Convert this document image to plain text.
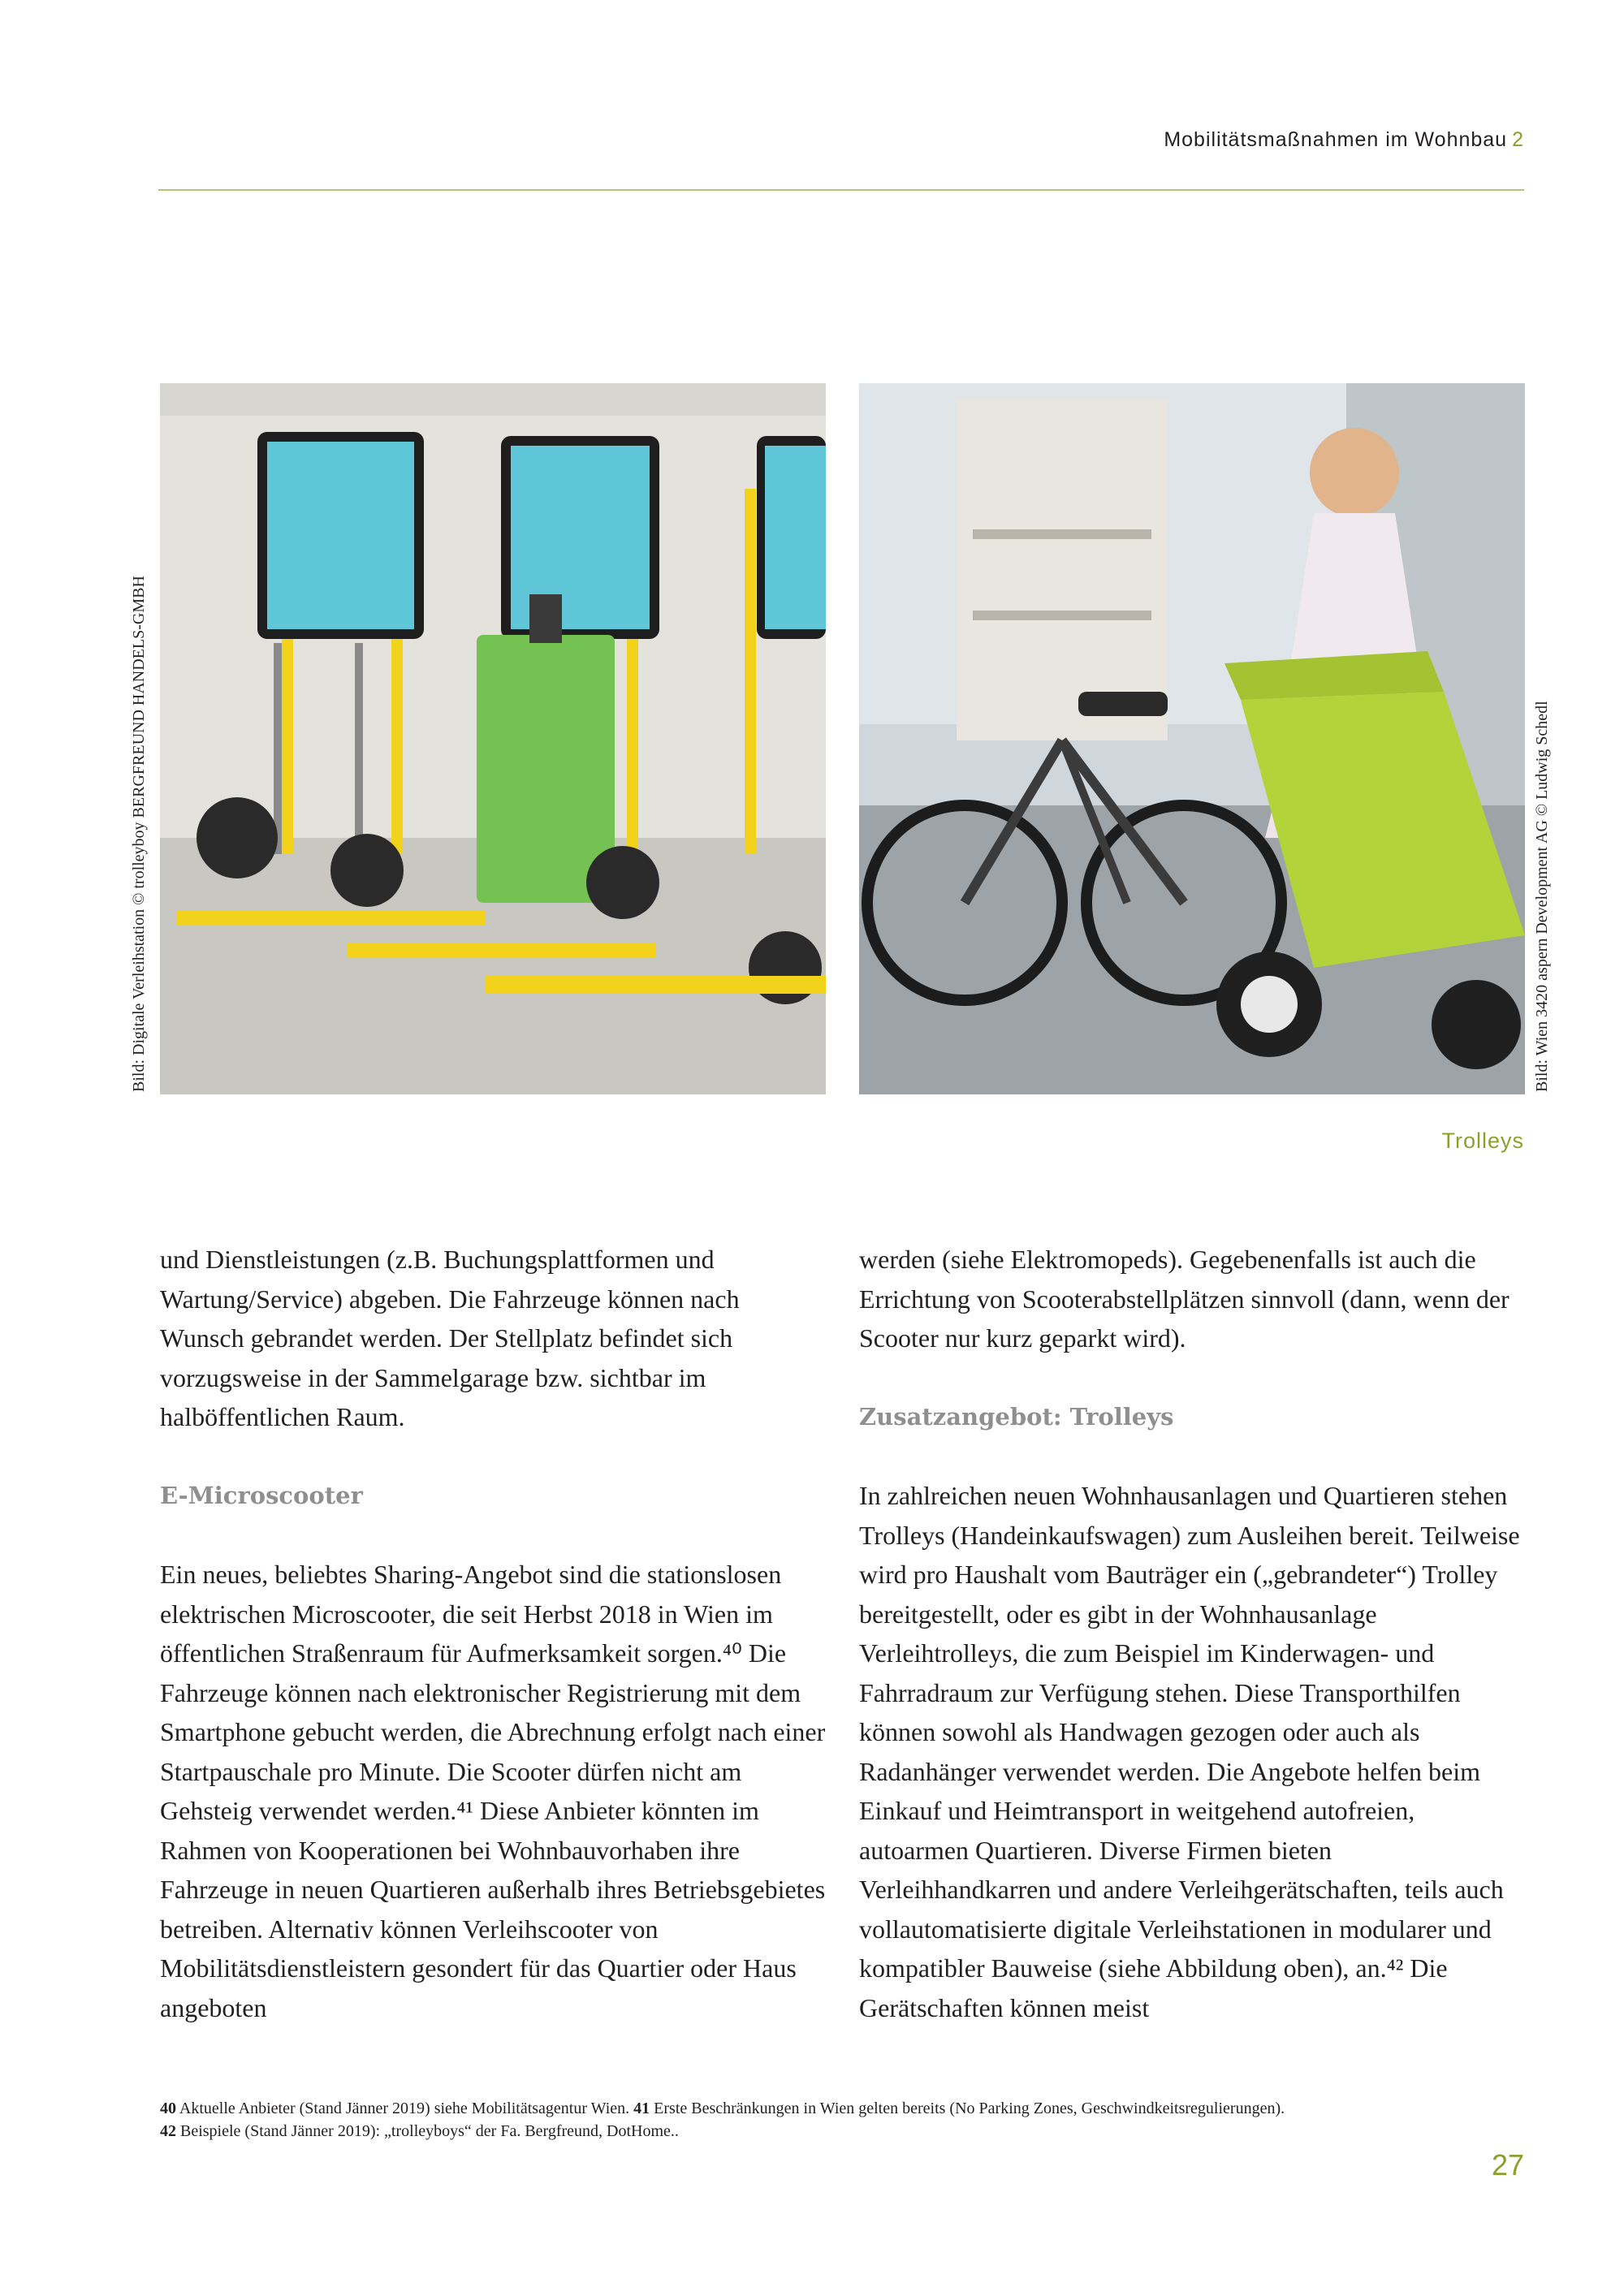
Mobilitätsmaßnahmen im Wohnbau 2
Bild: Digitale Verleihstation © trolleyboy BERGFREUND HANDELS-GMBH	Bild: Wien 3420 aspern Development AG © Ludwig Schedl
Trolleys

und Dienstleistungen (z.B. Buchungsplattformen und Wartung/Service) abgeben. Die Fahrzeuge können nach Wunsch gebrandet werden. Der Stellplatz befindet sich vorzugsweise in der Sammelgarage bzw. sichtbar im halböffentlichen Raum.

E-Microscooter

Ein neues, beliebtes Sharing-Angebot sind die stationslosen elektrischen Microscooter, die seit Herbst 2018 in Wien im öffentlichen Straßenraum für Aufmerksamkeit sorgen.⁴⁰ Die Fahrzeuge können nach elektronischer Registrierung mit dem Smartphone gebucht werden, die Abrechnung erfolgt nach einer Startpauschale pro Minute. Die Scooter dürfen nicht am Gehsteig verwendet werden.⁴¹ Diese Anbieter könnten im Rahmen von Kooperationen bei Wohnbauvorhaben ihre Fahrzeuge in neuen Quartieren außerhalb ihres Betriebsgebietes betreiben. Alternativ können Verleihscooter von Mobilitätsdienstleistern gesondert für das Quartier oder Haus angeboten

werden (siehe Elektromopeds). Gegebenenfalls ist auch die Errichtung von Scooterabstellplätzen sinnvoll (dann, wenn der Scooter nur kurz geparkt wird).

Zusatzangebot: Trolleys

In zahlreichen neuen Wohnhausanlagen und Quartieren stehen Trolleys (Handeinkaufswagen) zum Ausleihen bereit. Teilweise wird pro Haushalt vom Bauträger ein („gebrandeter“) Trolley bereitgestellt, oder es gibt in der Wohnhausanlage Verleihtrolleys, die zum Beispiel im Kinderwagen- und Fahrradraum zur Verfügung stehen. Diese Transporthilfen können sowohl als Handwagen gezogen oder auch als Radanhänger verwendet werden. Die Angebote helfen beim Einkauf und Heimtransport in weitgehend autofreien, autoarmen Quartieren. Diverse Firmen bieten Verleihhandkarren und andere Verleihgerätschaften, teils auch vollautomatisierte digitale Verleihstationen in modularer und kompatibler Bauweise (siehe Abbildung oben), an.⁴² Die Gerätschaften können meist

40 Aktuelle Anbieter (Stand Jänner 2019) siehe Mobilitätsagentur Wien. 41 Erste Beschränkungen in Wien gelten bereits (No Parking Zones, Geschwindkeitsregulierungen).
42 Beispiele (Stand Jänner 2019): „trolleyboys“ der Fa. Bergfreund, DotHome..
27
